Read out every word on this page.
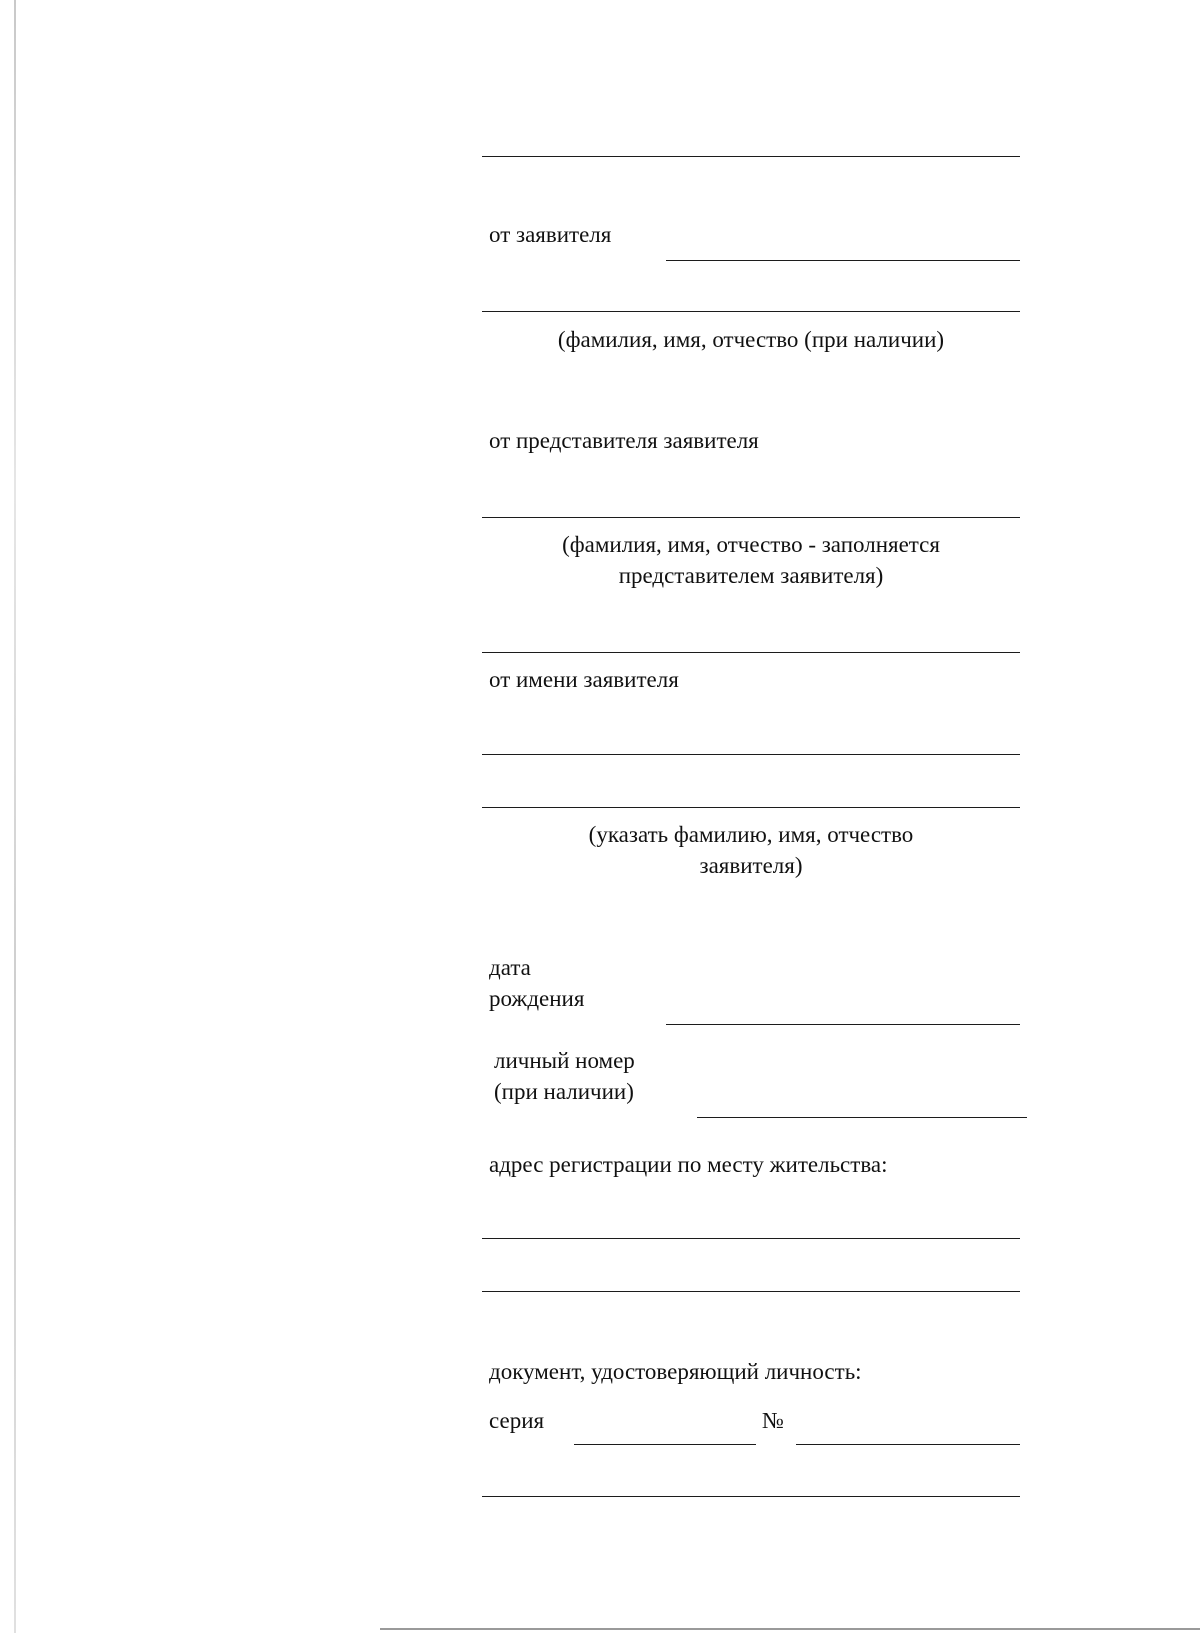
от заявителя
(фамилия, имя, отчество (при наличии)
от представителя заявителя
(фамилия, имя, отчество - заполняется
представителем заявителя)
от имени заявителя
(указать фамилию, имя, отчество
заявителя)
дата
рождения
личный номер
(при наличии)
адрес регистрации по месту жительства:
документ, удостоверяющий личность:
серия	№
